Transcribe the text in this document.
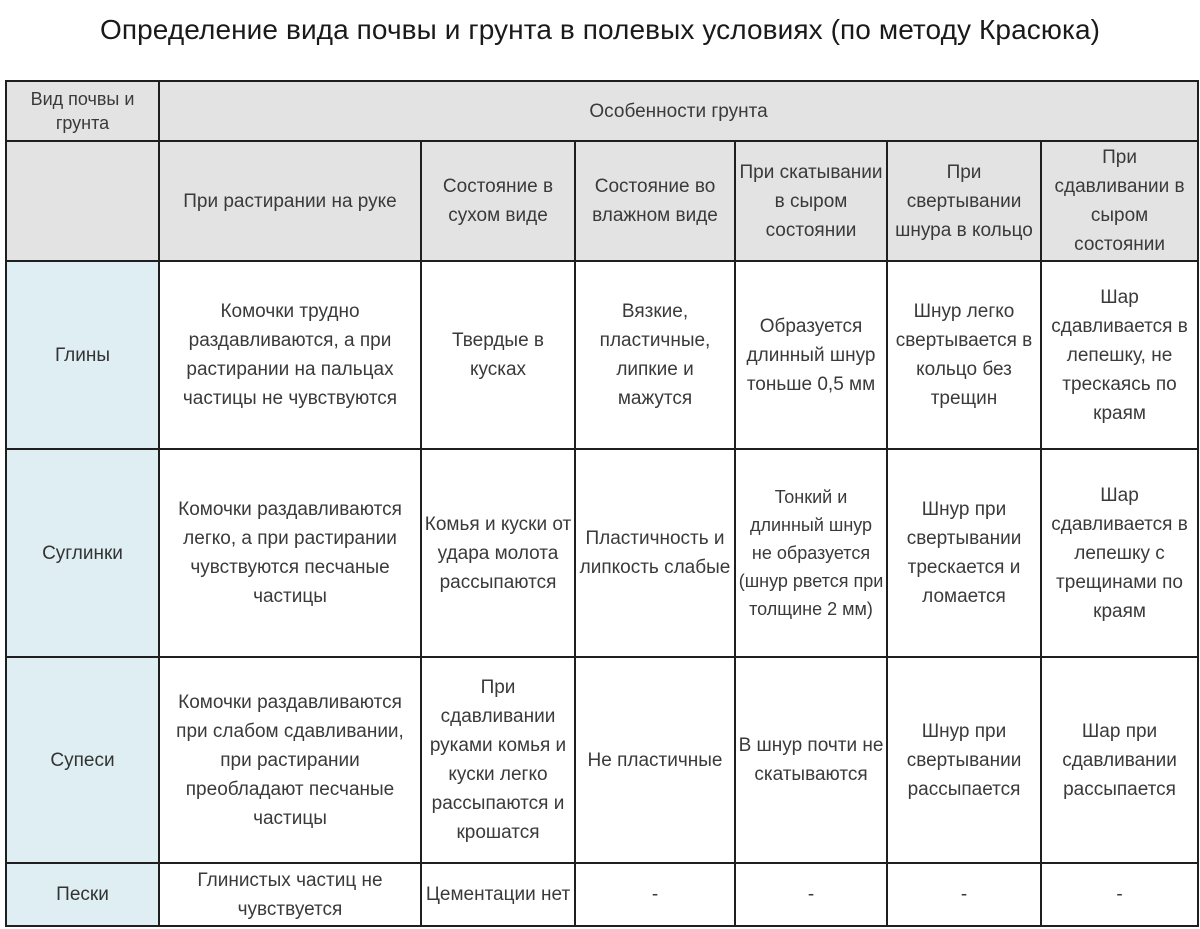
Определение вида почвы и грунта в полевых условиях (по методу Красюка)
Вид почвы и грунта	Особенности грунта					
	При растирании на руке	Состояние в сухом виде	Состояние во влажном виде	При скатывании в сыром состоянии	При свертывании шнура в кольцо	При сдавливании в сыром состоянии
Глины	Комочки трудно раздавливаются, а при растирании на пальцах частицы не чувствуются	Твердые в кусках	Вязкие, пластичные, липкие и мажутся	Образуется длинный шнур тоньше 0,5 мм	Шнур легко свертывается в кольцо без трещин	Шар сдавливается в лепешку, не трескаясь по краям
Суглинки	Комочки раздавливаются легко, а при растирании чувствуются песчаные частицы	Комья и куски от удара молота рассыпаются	Пластичность и липкость слабые	Тонкий и длинный шнур не образуется (шнур рвется при толщине 2 мм)	Шнур при свертывании трескается и ломается	Шар сдавливается в лепешку с трещинами по краям
Супеси	Комочки раздавливаются при слабом сдавливании, при растирании преобладают песчаные частицы	При сдавливании руками комья и куски легко рассыпаются и крошатся	Не пластичные	В шнур почти не скатываются	Шнур при свертывании рассыпается	Шар при сдавливании рассыпается
Пески	Глинистых частиц не чувствуется	Цементации нет	-	-	-	-
